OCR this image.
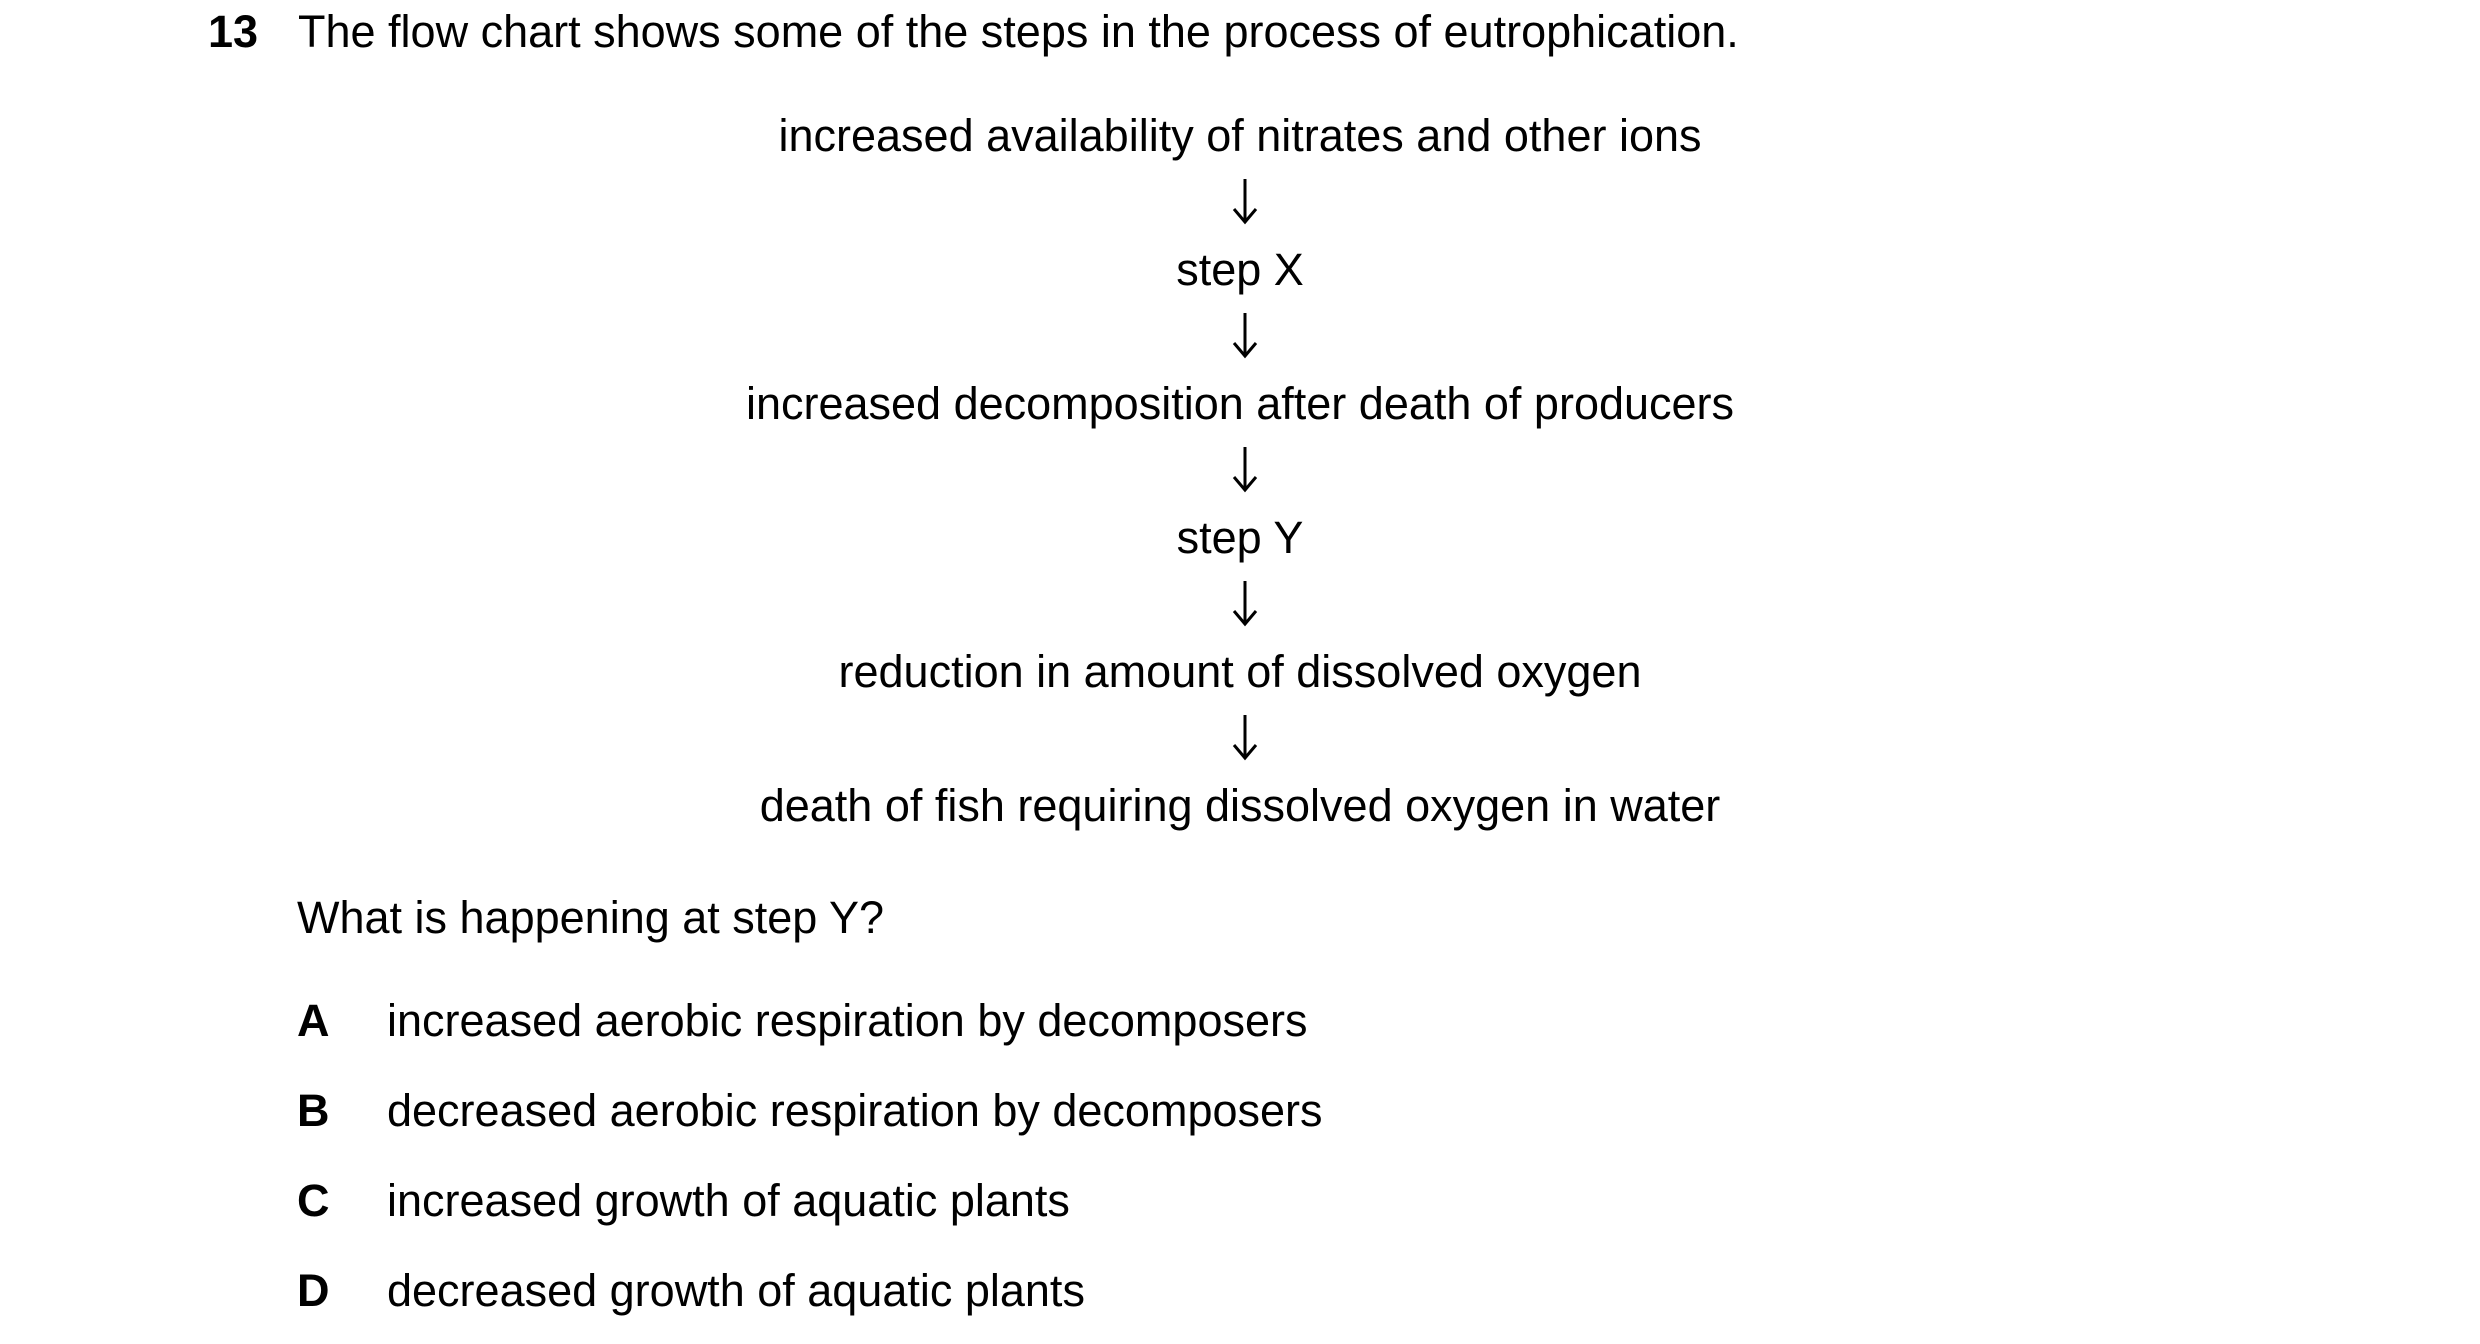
13 The flow chart shows some of the steps in the process of eutrophication.
increased availability of nitrates and other ions
step X
increased decomposition after death of producers
step Y
reduction in amount of dissolved oxygen
death of fish requiring dissolved oxygen in water
What is happening at step Y?
A	increased aerobic respiration by decomposers
B	decreased aerobic respiration by decomposers
C	increased growth of aquatic plants
D	decreased growth of aquatic plants
